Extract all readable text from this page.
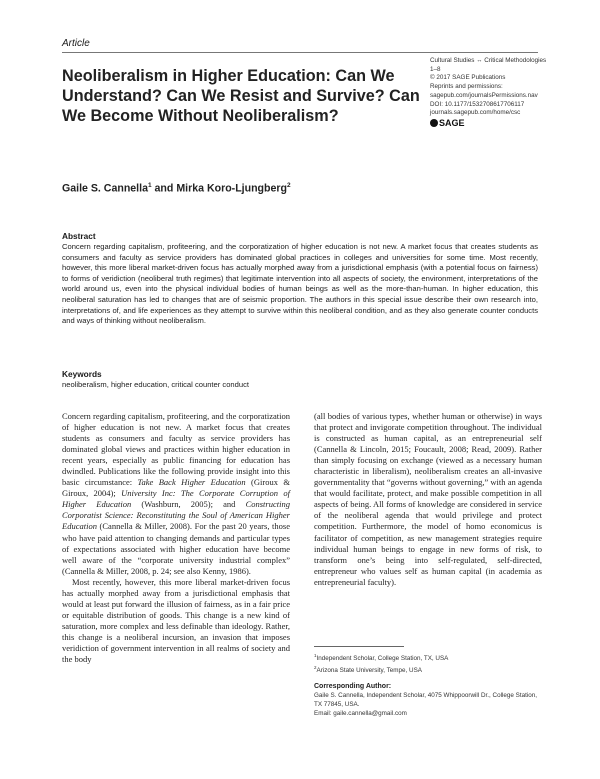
Article
Neoliberalism in Higher Education: Can We Understand? Can We Resist and Survive? Can We Become Without Neoliberalism?
Cultural Studies ↔ Critical Methodologies
1–8
© 2017 SAGE Publications
Reprints and permissions:
sagepub.com/journalsPermissions.nav
DOI: 10.1177/1532708617706117
journals.sagepub.com/home/csc
SAGE
Gaile S. Cannella$^1$ and Mirka Koro-Ljungberg$^2$
Abstract
Concern regarding capitalism, profiteering, and the corporatization of higher education is not new. A market focus that creates students as consumers and faculty as service providers has dominated global practices in colleges and universities for some time. Most recently, however, this more liberal market-driven focus has actually morphed away from a jurisdictional emphasis (with a potential focus on fairness) to forms of veridiction (neoliberal truth regimes) that legitimate intervention into all aspects of society, the environment, interpretations of the world around us, even into the physical individual bodies of human beings as well as the more-than-human. In higher education, this neoliberal saturation has led to changes that are of seismic proportion. The authors in this special issue describe their own research into, interpretations of, and life experiences as they attempt to survive within this neoliberal condition, and as they also generate counter conducts and ways of thinking without neoliberalism.
Keywords
neoliberalism, higher education, critical counter conduct

Concern regarding capitalism, profiteering, and the corporatization of higher education is not new. A market focus that creates students as consumers and faculty as service providers has dominated global views and practices within higher education in recent years, especially as public financing for education has dwindled. Publications like the following provide insight into this basic circumstance: Take Back Higher Education (Giroux & Giroux, 2004); University Inc: The Corporate Corruption of Higher Education (Washburn, 2005); and Constructing Corporatist Science: Reconstituting the Soul of American Higher Education (Cannella & Miller, 2008). For the past 20 years, those who have paid attention to changing demands and particular types of expectations associated with higher education have become well aware of the “corporate university industrial complex” (Cannella & Miller, 2008, p. 24; see also Kenny, 1986).

Most recently, however, this more liberal market-driven focus has actually morphed away from a jurisdictional emphasis that would at least put forward the illusion of fairness, as in a fair price or equitable distribution of goods. This change is a new kind of saturation, more complex and less definable than ideology. Rather, this change is a neoliberal incursion, an invasion that imposes veridiction of government intervention in all realms of society and the body

(all bodies of various types, whether human or otherwise) in ways that protect and invigorate competition throughout. The individual is constructed as human capital, as an entrepreneurial self (Cannella & Lincoln, 2015; Foucault, 2008; Read, 2009). Rather than simply focusing on exchange (viewed as a necessary human characteristic in liberalism), neoliberalism creates an all-invasive governmentality that “governs without governing,” with an agenda that would facilitate, protect, and make possible competition in all aspects of being. All forms of knowledge are considered in service of the neoliberal agenda that would privilege and protect competition. Furthermore, the model of homo economicus is facilitator of competition, as new management strategies require individual human beings to engage in new forms of risk, to transform one’s being into self-regulated, self-directed, entrepreneur who values self as human capital (in academia as entrepreneurial faculty).

$^1$Independent Scholar, College Station, TX, USA
$^2$Arizona State University, Tempe, USA
Corresponding Author:
Gaile S. Cannella, Independent Scholar, 4075 Whippoorwill Dr., College Station, TX 77845, USA.
Email: gaile.cannella@gmail.com
